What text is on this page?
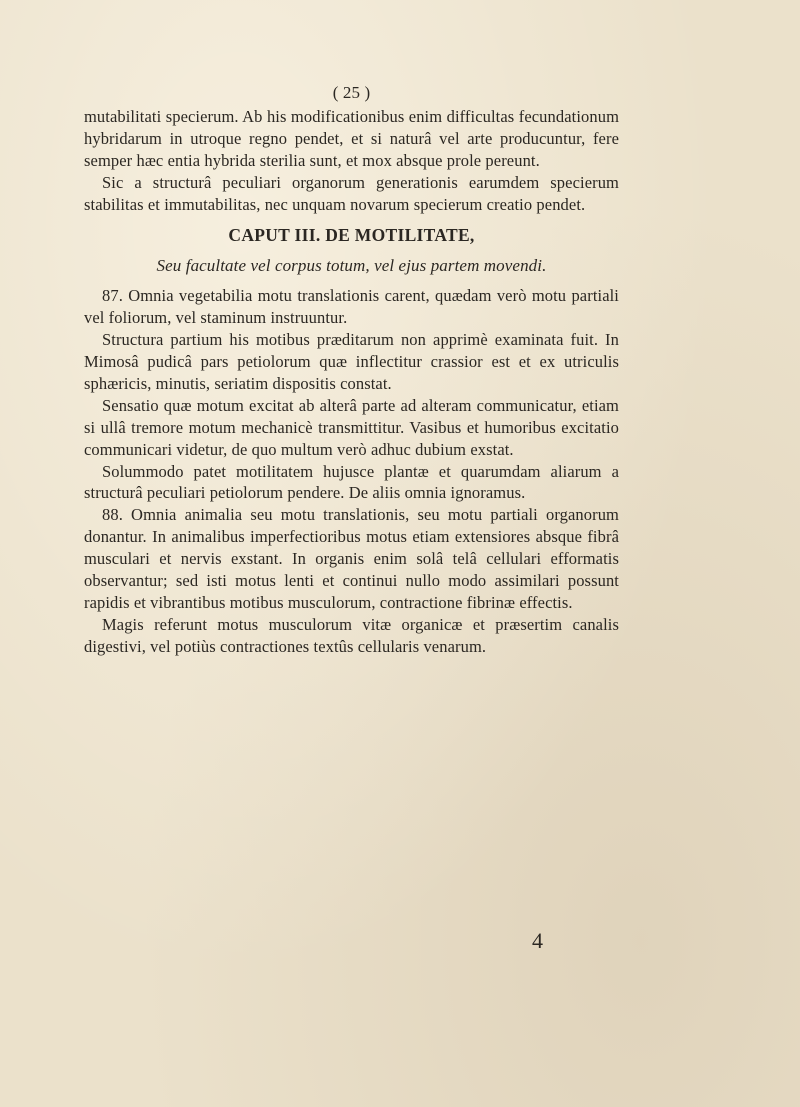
( 25 )

mutabilitati specierum. Ab his modificationibus enim difficultas fecundationum hybridarum in utroque regno pendet, et si naturâ vel arte producuntur, fere semper hæc entia hybrida sterilia sunt, et mox absque prole pereunt.

Sic a structurâ peculiari organorum generationis earumdem specierum stabilitas et immutabilitas, nec unquam novarum specierum creatio pendet.

CAPUT III. DE MOTILITATE,

Seu facultate vel corpus totum, vel ejus partem movendi.

87. Omnia vegetabilia motu translationis carent, quædam verò motu partiali vel foliorum, vel staminum instruuntur.

Structura partium his motibus præditarum non apprimè examinata fuit. In Mimosâ pudicâ pars petiolorum quæ inflectitur crassior est et ex utriculis sphæricis, minutis, seriatim dispositis constat.

Sensatio quæ motum excitat ab alterâ parte ad alteram communicatur, etiam si ullâ tremore motum mechanicè transmittitur. Vasibus et humoribus excitatio communicari videtur, de quo multum verò adhuc dubium exstat.

Solummodo patet motilitatem hujusce plantæ et quarumdam aliarum a structurâ peculiari petiolorum pendere. De aliis omnia ignoramus.

88. Omnia animalia seu motu translationis, seu motu partiali organorum donantur. In animalibus imperfectioribus motus etiam extensiores absque fibrâ musculari et nervis exstant. In organis enim solâ telâ cellulari efformatis observantur; sed isti motus lenti et continui nullo modo assimilari possunt rapidis et vibrantibus motibus musculorum, contractione fibrinæ effectis.

Magis referunt motus musculorum vitæ organicæ et præsertim canalis digestivi, vel potiùs contractiones textûs cellularis venarum.

4
